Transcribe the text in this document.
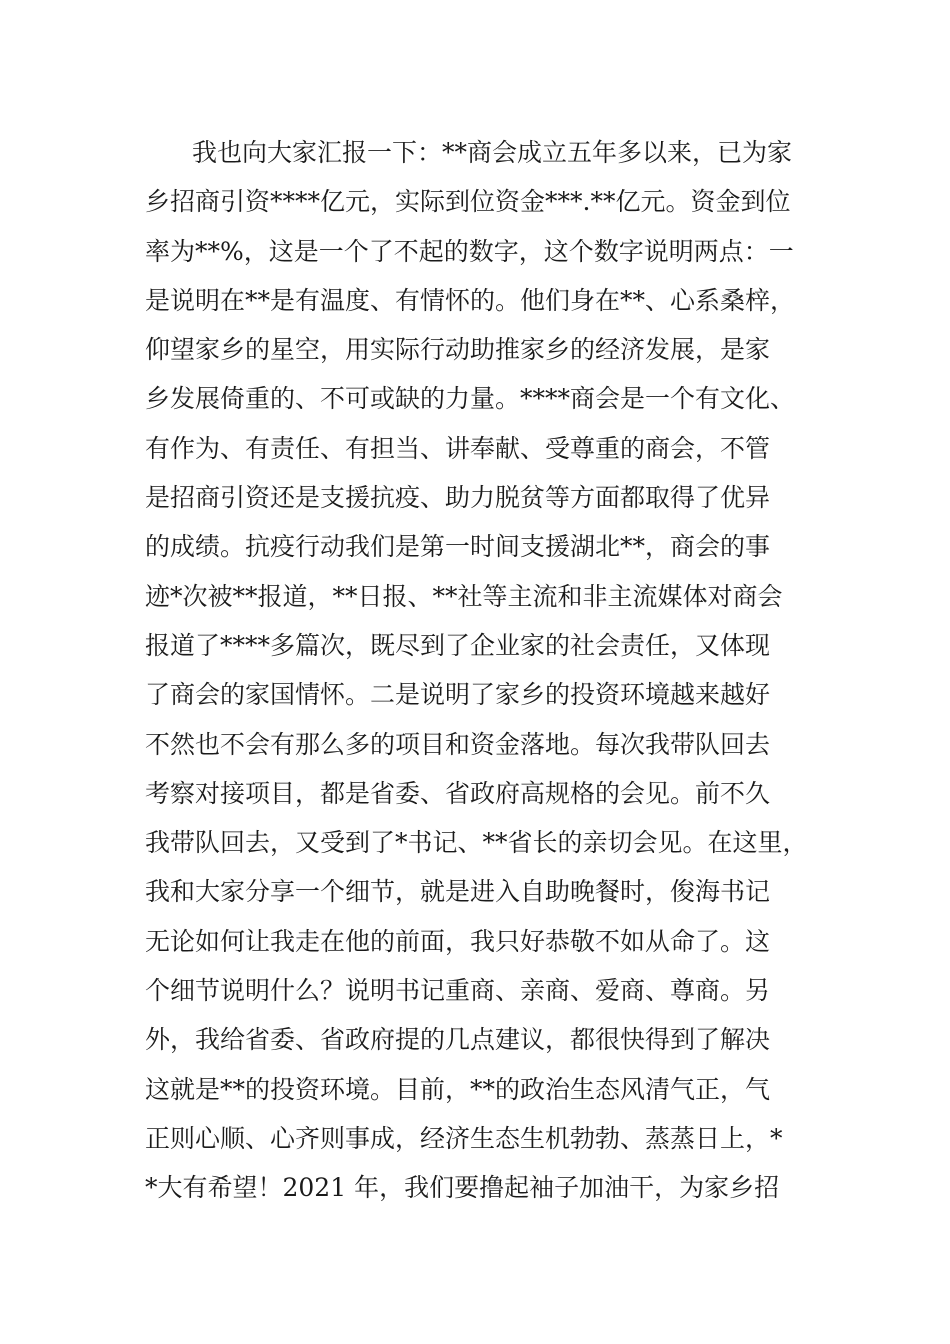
我也向大家汇报一下：**商会成立五年多以来，已为家
乡招商引资****亿元，实际到位资金***.**亿元。资金到位
率为**%，这是一个了不起的数字，这个数字说明两点：一
是说明在**是有温度、有情怀的。他们身在**、心系桑梓，
仰望家乡的星空，用实际行动助推家乡的经济发展，是家
乡发展倚重的、不可或缺的力量。****商会是一个有文化、
有作为、有责任、有担当、讲奉献、受尊重的商会，不管
是招商引资还是支援抗疫、助力脱贫等方面都取得了优异
的成绩。抗疫行动我们是第一时间支援湖北**，商会的事
迹*次被**报道，**日报、**社等主流和非主流媒体对商会
报道了****多篇次，既尽到了企业家的社会责任，又体现
了商会的家国情怀。二是说明了家乡的投资环境越来越好
不然也不会有那么多的项目和资金落地。每次我带队回去
考察对接项目，都是省委、省政府高规格的会见。前不久
我带队回去，又受到了*书记、**省长的亲切会见。在这里，
我和大家分享一个细节，就是进入自助晚餐时，俊海书记
无论如何让我走在他的前面，我只好恭敬不如从命了。这
个细节说明什么？说明书记重商、亲商、爱商、尊商。另
外，我给省委、省政府提的几点建议，都很快得到了解决
这就是**的投资环境。目前，**的政治生态风清气正，气
正则心顺、心齐则事成，经济生态生机勃勃、蒸蒸日上，*
*大有希望！2021 年，我们要撸起袖子加油干，为家乡招
